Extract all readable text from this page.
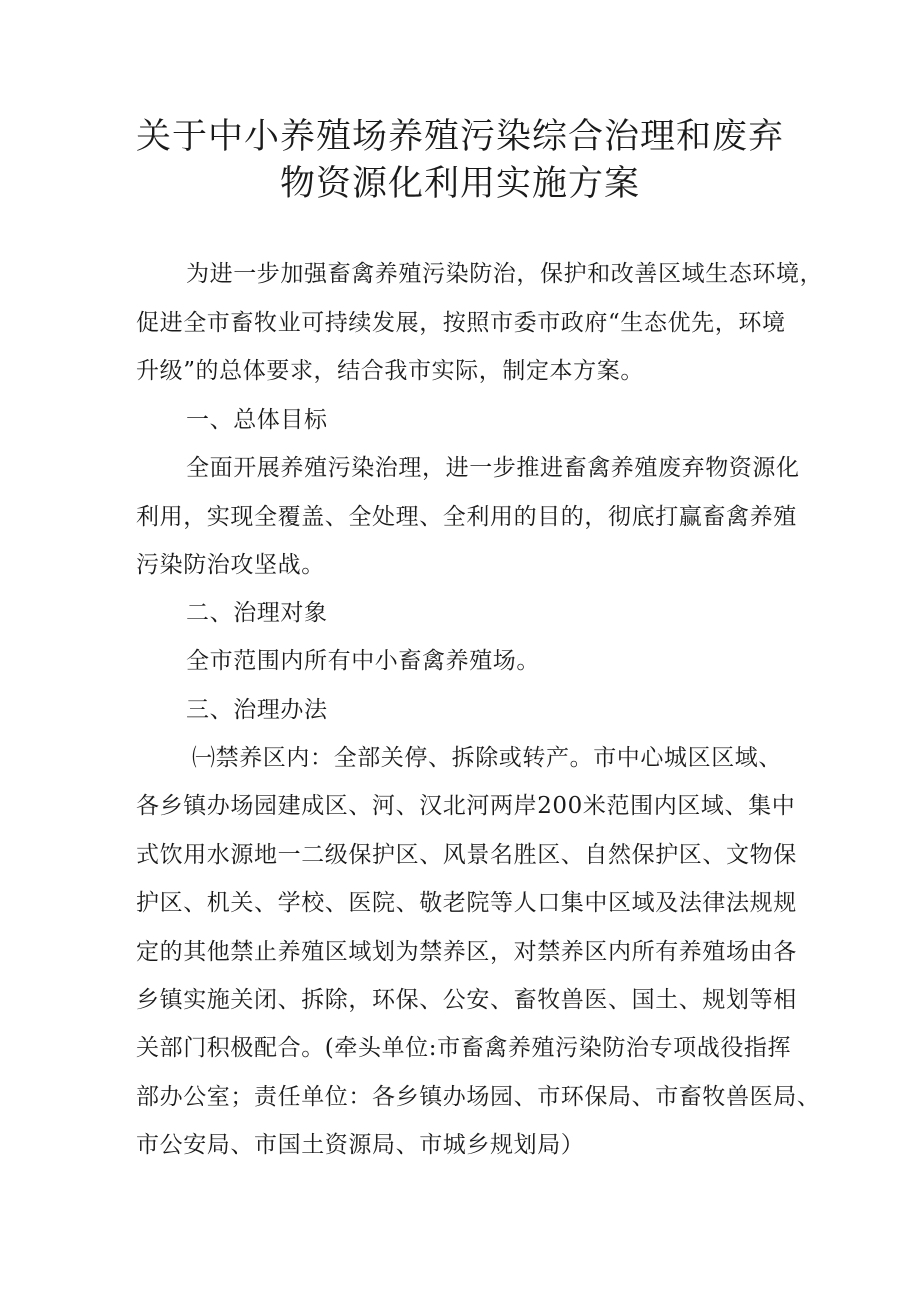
关于中小养殖场养殖污染综合治理和废弃
物资源化利用实施方案

为进一步加强畜禽养殖污染防治，保护和改善区域生态环境，

促进全市畜牧业可持续发展，按照市委市政府“生态优先，环境

升级”的总体要求，结合我市实际，制定本方案。

一、总体目标

全面开展养殖污染治理，进一步推进畜禽养殖废弃物资源化

利用，实现全覆盖、全处理、全利用的目的，彻底打赢畜禽养殖

污染防治攻坚战。

二、治理对象

全市范围内所有中小畜禽养殖场。

三、治理办法

㈠禁养区内：全部关停、拆除或转产。市中心城区区域、

各乡镇办场园建成区、河、汉北河两岸200米范围内区域、集中

式饮用水源地一二级保护区、风景名胜区、自然保护区、文物保

护区、机关、学校、医院、敬老院等人口集中区域及法律法规规

定的其他禁止养殖区域划为禁养区，对禁养区内所有养殖场由各

乡镇实施关闭、拆除，环保、公安、畜牧兽医、国土、规划等相

关部门积极配合。(牵头单位:市畜禽养殖污染防治专项战役指挥

部办公室；责任单位：各乡镇办场园、市环保局、市畜牧兽医局、

市公安局、市国土资源局、市城乡规划局）
